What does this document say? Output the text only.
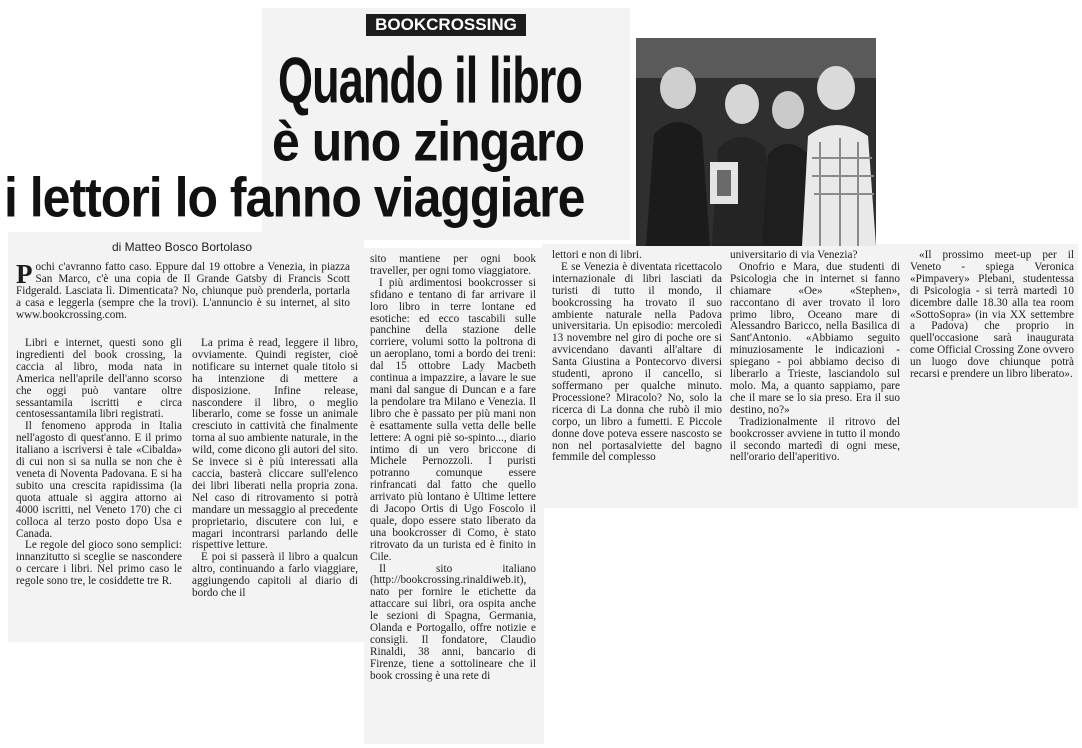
BOOKCROSSING
Quando il libro
è uno zingaro
i lettori lo fanno viaggiare
di Matteo Bosco Bortolaso

Pochi c'avranno fatto caso. Eppure dal 19 ottobre a Venezia, in piazza San Marco, c'è una copia de Il Grande Gatsby di Francis Scott Fidgerald. Lasciata lì. Dimenticata? No, chiunque può prenderla, portarla a casa e leggerla (sempre che la trovi). L'annuncio è su internet, al sito www.bookcrossing.com.

Libri e internet, questi sono gli ingredienti del book crossing, la caccia al libro, moda nata in America nell'aprile dell'anno scorso che oggi può vantare oltre sessantamila iscritti e circa centosessantamila libri registrati.

Il fenomeno approda in Italia nell'agosto di quest'anno. E il primo italiano a iscriversi è tale «Cibalda» di cui non si sa nulla se non che è veneta di Noventa Padovana. E si ha subito una crescita rapidissima (la quota attuale si aggira attorno ai 4000 iscritti, nel Veneto 170) che ci colloca al terzo posto dopo Usa e Canada.

Le regole del gioco sono semplici: innanzitutto si sceglie se nascondere o cercare i libri. Nel primo caso le regole sono tre, le cosiddette tre R.

La prima è read, leggere il libro, ovviamente. Quindi register, cioè notificare su internet quale titolo si ha intenzione di mettere a disposizione. Infine release, nascondere il libro, o meglio liberarlo, come se fosse un animale cresciuto in cattività che finalmente torna al suo ambiente naturale, in the wild, come dicono gli autori del sito. Se invece si è più interessati alla caccia, basterà cliccare sull'elenco dei libri liberati nella propria zona. Nel caso di ritrovamento si potrà mandare un messaggio al precedente proprietario, discutere con lui, e magari incontrarsi parlando delle rispettive letture.

E poi si passerà il libro a qualcun altro, continuando a farlo viaggiare, aggiungendo capitoli al diario di bordo che il

sito mantiene per ogni book traveller, per ogni tomo viaggiatore.

I più ardimentosi bookcrosser si sfidano e tentano di far arrivare il loro libro in terre lontane ed esotiche: ed ecco tascabili sulle panchine della stazione delle corriere, volumi sotto la poltrona di un aeroplano, tomi a bordo dei treni: dal 15 ottobre Lady Macbeth continua a impazzire, a lavare le sue mani dal sangue di Duncan e a fare la pendolare tra Milano e Venezia. Il libro che è passato per più mani non è esattamente sulla vetta delle belle lettere: A ogni piè so-spinto..., diario intimo di un vero briccone di Michele Pernozzoli. I puristi potranno comunque essere rinfrancati dal fatto che quello arrivato più lontano è Ultime lettere di Jacopo Ortis di Ugo Foscolo il quale, dopo essere stato liberato da una bookcrosser di Como, è stato ritrovato da un turista ed è finito in Cile.

Il sito italiano (http://bookcrossing.rinaldiweb.it), nato per fornire le etichette da attaccare sui libri, ora ospita anche le sezioni di Spagna, Germania, Olanda e Portogallo, offre notizie e consigli. Il fondatore, Claudio Rinaldi, 38 anni, bancario di Firenze, tiene a sottolineare che il book crossing è una rete di

lettori e non di libri.

E se Venezia è diventata ricettacolo internazionale di libri lasciati da turisti di tutto il mondo, il bookcrossing ha trovato il suo ambiente naturale nella Padova universitaria. Un episodio: mercoledì 13 novembre nel giro di poche ore si avvicendano davanti all'altare di Santa Giustina a Pontecorvo diversi studenti, aprono il cancello, si soffermano per qualche minuto. Processione? Miracolo? No, solo la ricerca di La donna che rubò il mio corpo, un libro a fumetti. E Piccole donne dove poteva essere nascosto se non nel portasalviette del bagno femmile del complesso

universitario di via Venezia?

Onofrio e Mara, due studenti di Psicologia che in internet si fanno chiamare «Oe» «Stephen», raccontano di aver trovato il loro primo libro, Oceano mare di Alessandro Baricco, nella Basilica di Sant'Antonio. «Abbiamo seguito minuziosamente le indicazioni - spiegano - poi abbiamo deciso di liberarlo a Trieste, lasciandolo sul molo. Ma, a quanto sappiamo, pare che il mare se lo sia preso. Era il suo destino, no?»

Tradizionalmente il ritrovo del bookcrosser avviene in tutto il mondo il secondo martedì di ogni mese, nell'orario dell'aperitivo.

«Il prossimo meet-up per il Veneto - spiega Veronica «Pimpavery» Plebani, studentessa di Psicologia - si terrà martedì 10 dicembre dalle 18.30 alla tea room «SottoSopra» (in via XX settembre a Padova) che proprio in quell'occasione sarà inaugurata come Official Crossing Zone ovvero un luogo dove chiunque potrà recarsi e prendere un libro liberato».
